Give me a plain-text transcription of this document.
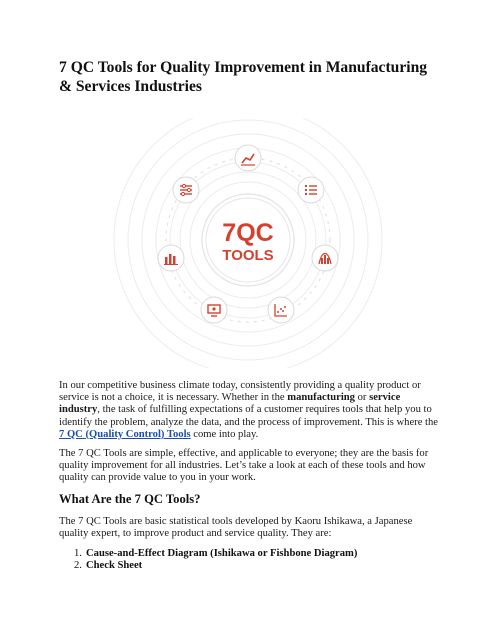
7 QC Tools for Quality Improvement in Manufacturing & Services Industries
7QC
TOOLS

In our competitive business climate today, consistently providing a quality product or service is not a choice, it is necessary. Whether in the manufacturing or service industry, the task of fulfilling expectations of a customer requires tools that help you to identify the problem, analyze the data, and the process of improvement. This is where the 7 QC (Quality Control) Tools come into play.

The 7 QC Tools are simple, effective, and applicable to everyone; they are the basis for quality improvement for all industries. Let’s take a look at each of these tools and how quality can provide value to you in your work.

What Are the 7 QC Tools?

The 7 QC Tools are basic statistical tools developed by Kaoru Ishikawa, a Japanese quality expert, to improve product and service quality. They are:

1. Cause-and-Effect Diagram (Ishikawa or Fishbone Diagram)
2. Check Sheet
